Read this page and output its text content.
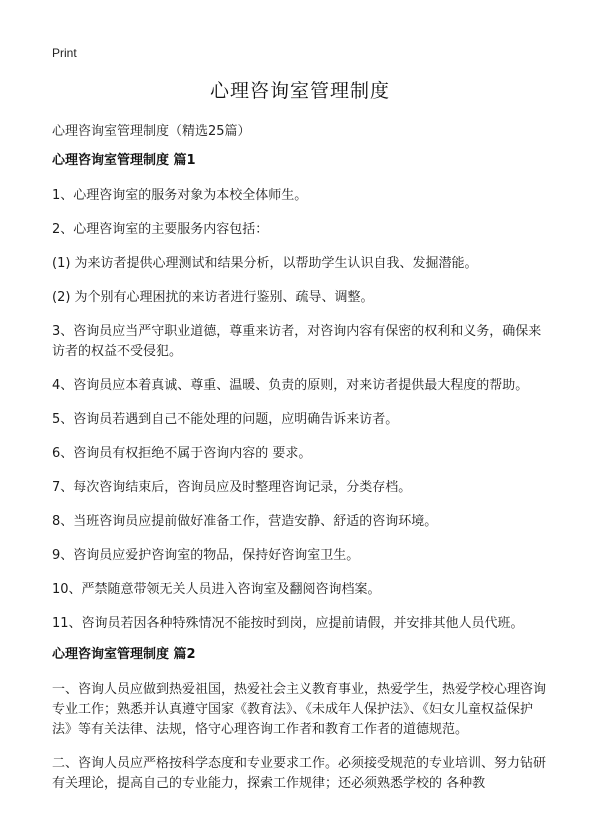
Print
心理咨询室管理制度
心理咨询室管理制度（精选25篇）
心理咨询室管理制度 篇1

1、心理咨询室的服务对象为本校全体师生。

2、心理咨询室的主要服务内容包括：

(1) 为来访者提供心理测试和结果分析，以帮助学生认识自我、发掘潜能。

(2) 为个别有心理困扰的来访者进行鉴别、疏导、调整。

3、咨询员应当严守职业道德，尊重来访者，对咨询内容有保密的权利和义务，确保来访者的权益不受侵犯。

4、咨询员应本着真诚、尊重、温暖、负责的原则，对来访者提供最大程度的帮助。

5、咨询员若遇到自己不能处理的问题，应明确告诉来访者。

6、咨询员有权拒绝不属于咨询内容的 要求。

7、每次咨询结束后，咨询员应及时整理咨询记录，分类存档。

8、当班咨询员应提前做好准备工作，营造安静、舒适的咨询环境。

9、咨询员应爱护咨询室的物品，保持好咨询室卫生。

10、严禁随意带领无关人员进入咨询室及翻阅咨询档案。

11、咨询员若因各种特殊情况不能按时到岗，应提前请假，并安排其他人员代班。

心理咨询室管理制度 篇2

一、咨询人员应做到热爱祖国，热爱社会主义教育事业，热爱学生，热爱学校心理咨询专业工作；熟悉并认真遵守国家《教育法》、《未成年人保护法》、《妇女儿童权益保护法》等有关法律、法规，恪守心理咨询工作者和教育工作者的道德规范。

二、咨询人员应严格按科学态度和专业要求工作。必须接受规范的专业培训、努力钻研有关理论，提高自己的专业能力，探索工作规律；还必须熟悉学校的 各种教
